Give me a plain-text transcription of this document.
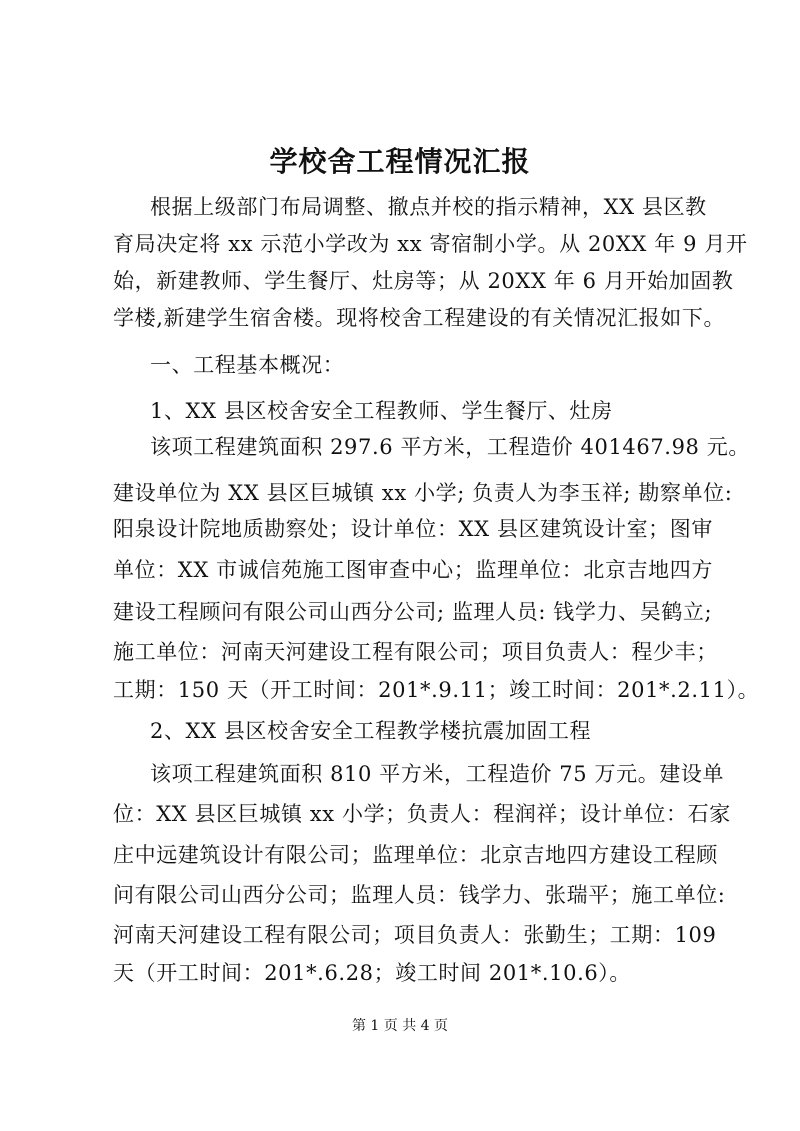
学校舍工程情况汇报
根据上级部门布局调整、撤点并校的指示精神，XX 县区教
育局决定将 xx 示范小学改为 xx 寄宿制小学。从 20XX 年 9 月开
始，新建教师、学生餐厅、灶房等；从 20XX 年 6 月开始加固教
学楼,新建学生宿舍楼。现将校舍工程建设的有关情况汇报如下。
一、工程基本概况：
1、XX 县区校舍安全工程教师、学生餐厅、灶房
该项工程建筑面积 297.6 平方米，工程造价 401467.98 元。
建设单位为 XX 县区巨城镇 xx 小学; 负责人为李玉祥; 勘察单位:
阳泉设计院地质勘察处；设计单位：XX 县区建筑设计室；图审
单位：XX 市诚信苑施工图审查中心；监理单位：北京吉地四方
建设工程顾问有限公司山西分公司; 监理人员: 钱学力、吴鹤立;
施工单位：河南天河建设工程有限公司；项目负责人：程少丰；
工期：150 天（开工时间：201*.9.11；竣工时间：201*.2.11）。
2、XX 县区校舍安全工程教学楼抗震加固工程
该项工程建筑面积 810 平方米，工程造价 75 万元。建设单
位：XX 县区巨城镇 xx 小学；负责人：程润祥；设计单位：石家
庄中远建筑设计有限公司；监理单位：北京吉地四方建设工程顾
问有限公司山西分公司；监理人员：钱学力、张瑞平；施工单位:
河南天河建设工程有限公司；项目负责人：张勤生；工期：109
天（开工时间：201*.6.28；竣工时间 201*.10.6）。
第 1 页 共 4 页
